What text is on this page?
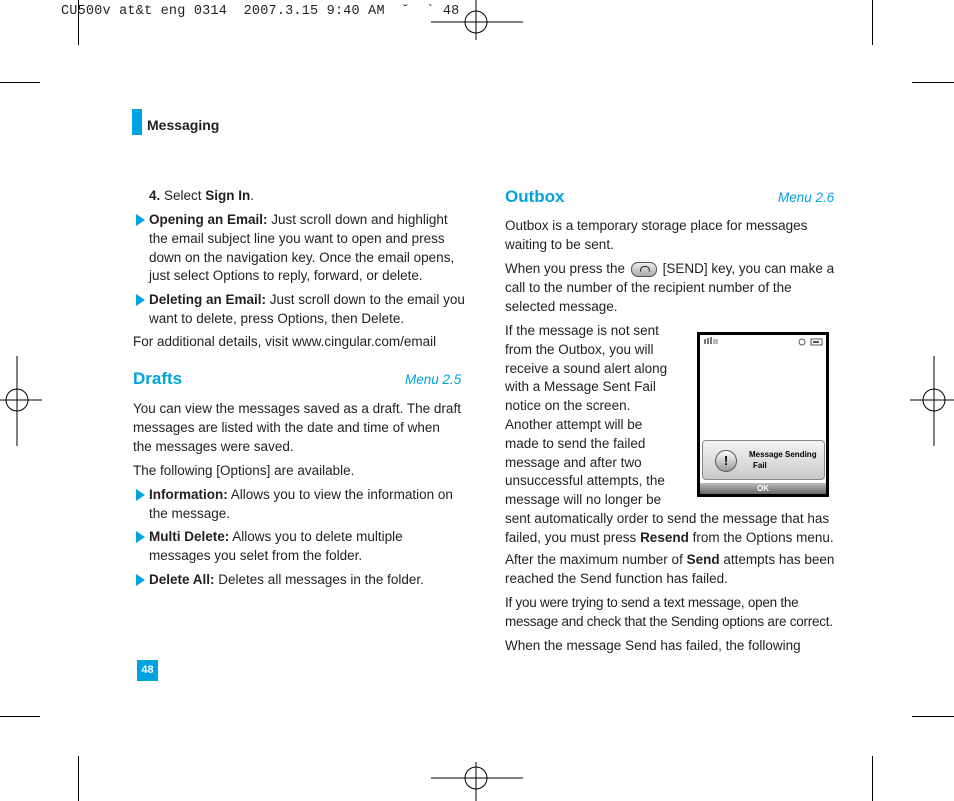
CU500v at&t eng 0314  2007.3.15 9:40 AM  ˘  ` 48
Messaging
4. Select Sign In.
Opening an Email: Just scroll down and highlight
the email subject line you want to open and press
down on the navigation key. Once the email opens,
just select Options to reply, forward, or delete.
Deleting an Email: Just scroll down to the email you
want to delete, press Options, then Delete.
For additional details, visit www.cingular.com/email
Drafts	Menu 2.5
You can view the messages saved as a draft. The draft
messages are listed with the date and time of when
the messages were saved.
The following [Options] are available.
Information: Allows you to view the information on
the message.
Multi Delete: Allows you to delete multiple
messages you selet from the folder.
Delete All: Deletes all messages in the folder.
Outbox	Menu 2.6
Outbox is a temporary storage place for messages
waiting to be sent.
When you press the	[SEND] key, you can make a
call to the number of the recipient number of the
selected message.
If the message is not sent
from the Outbox, you will
receive a sound alert along
with a Message Sent Fail
notice on the screen.
Another attempt will be
made to send the failed
message and after two
unsuccessful attempts, the
message will no longer be
sent automatically order to send the message that has
failed, you must press Resend from the Options menu.
After the maximum number of Send attempts has been
reached the Send function has failed.
If you were trying to send a text message, open the
message and check that the Sending options are correct.
When the message Send has failed, the following
!	Message Sending
Fail
OK
48
